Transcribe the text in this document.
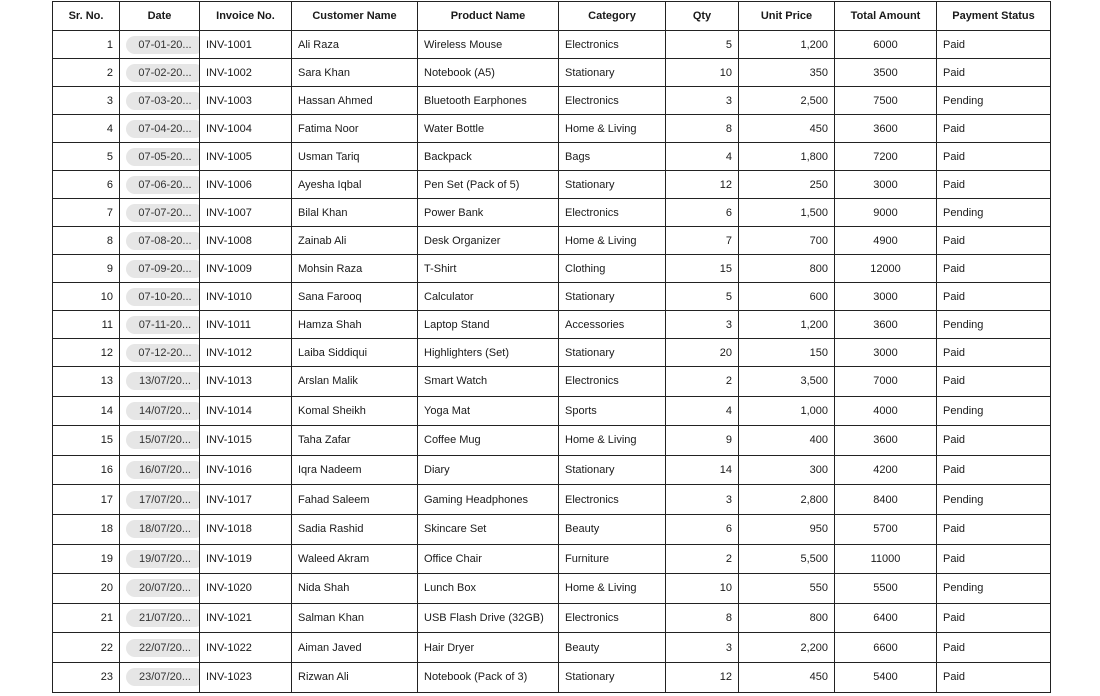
Sr. No.	Date	Invoice No.	Customer Name	Product Name	Category	Qty	Unit Price	Total Amount	Payment Status
1	07-01-20...	INV-1001	Ali Raza	Wireless Mouse	Electronics	5	1,200	6000	Paid
2	07-02-20...	INV-1002	Sara Khan	Notebook (A5)	Stationary	10	350	3500	Paid
3	07-03-20...	INV-1003	Hassan Ahmed	Bluetooth Earphones	Electronics	3	2,500	7500	Pending
4	07-04-20...	INV-1004	Fatima Noor	Water Bottle	Home & Living	8	450	3600	Paid
5	07-05-20...	INV-1005	Usman Tariq	Backpack	Bags	4	1,800	7200	Paid
6	07-06-20...	INV-1006	Ayesha Iqbal	Pen Set (Pack of 5)	Stationary	12	250	3000	Paid
7	07-07-20...	INV-1007	Bilal Khan	Power Bank	Electronics	6	1,500	9000	Pending
8	07-08-20...	INV-1008	Zainab Ali	Desk Organizer	Home & Living	7	700	4900	Paid
9	07-09-20...	INV-1009	Mohsin Raza	T-Shirt	Clothing	15	800	12000	Paid
10	07-10-20...	INV-1010	Sana Farooq	Calculator	Stationary	5	600	3000	Paid
11	07-11-20...	INV-1011	Hamza Shah	Laptop Stand	Accessories	3	1,200	3600	Pending
12	07-12-20...	INV-1012	Laiba Siddiqui	Highlighters (Set)	Stationary	20	150	3000	Paid
13	13/07/20...	INV-1013	Arslan Malik	Smart Watch	Electronics	2	3,500	7000	Paid
14	14/07/20...	INV-1014	Komal Sheikh	Yoga Mat	Sports	4	1,000	4000	Pending
15	15/07/20...	INV-1015	Taha Zafar	Coffee Mug	Home & Living	9	400	3600	Paid
16	16/07/20...	INV-1016	Iqra Nadeem	Diary	Stationary	14	300	4200	Paid
17	17/07/20...	INV-1017	Fahad Saleem	Gaming Headphones	Electronics	3	2,800	8400	Pending
18	18/07/20...	INV-1018	Sadia Rashid	Skincare Set	Beauty	6	950	5700	Paid
19	19/07/20...	INV-1019	Waleed Akram	Office Chair	Furniture	2	5,500	11000	Paid
20	20/07/20...	INV-1020	Nida Shah	Lunch Box	Home & Living	10	550	5500	Pending
21	21/07/20...	INV-1021	Salman Khan	USB Flash Drive (32GB)	Electronics	8	800	6400	Paid
22	22/07/20...	INV-1022	Aiman Javed	Hair Dryer	Beauty	3	2,200	6600	Paid
23	23/07/20...	INV-1023	Rizwan Ali	Notebook (Pack of 3)	Stationary	12	450	5400	Paid
